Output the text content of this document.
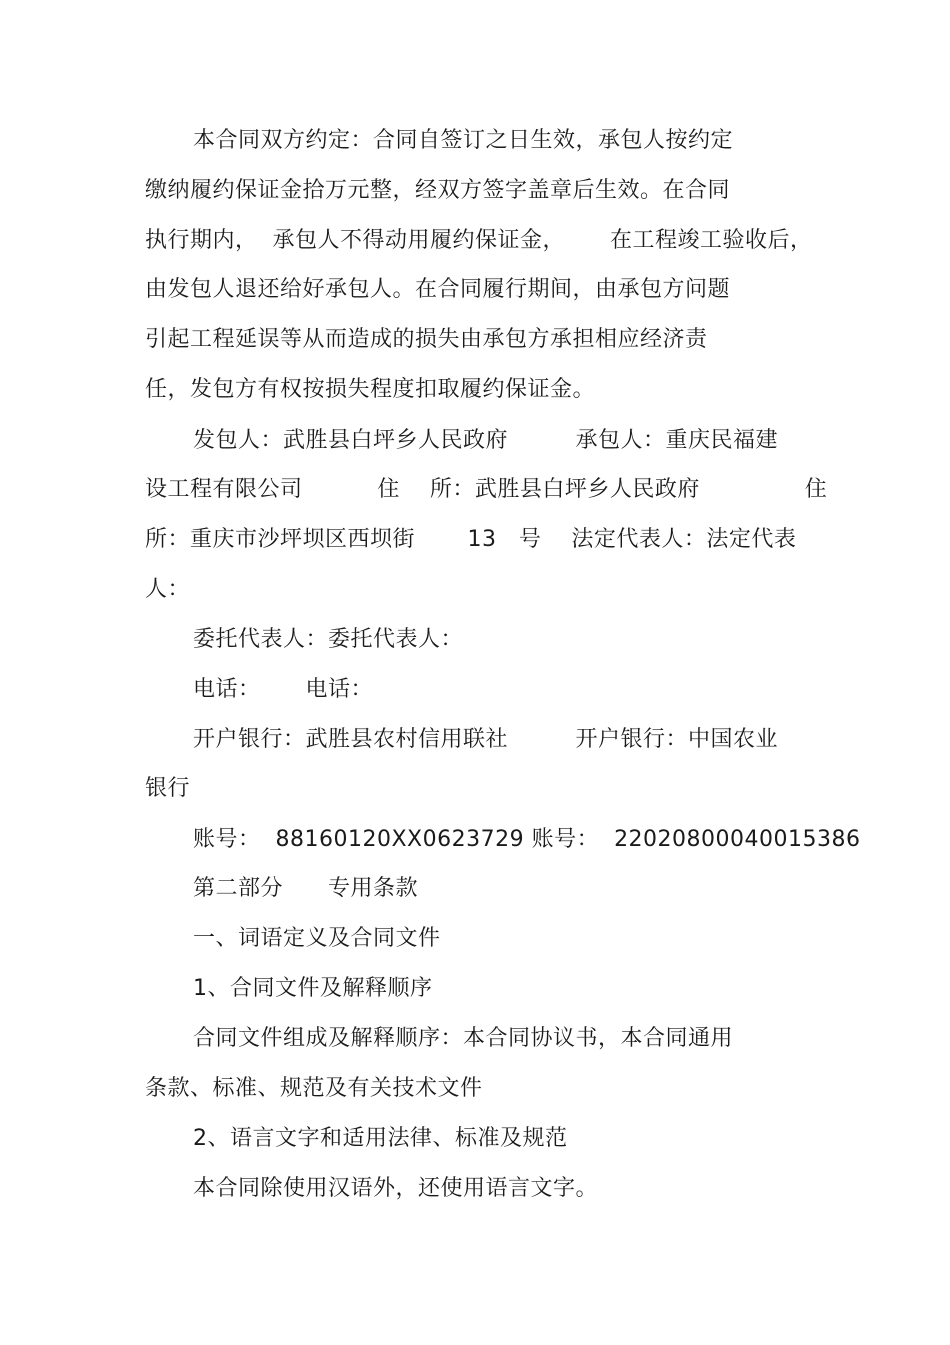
本合同双方约定：合同自签订之日生效，承包人按约定
缴纳履约保证金拾万元整，经双方签字盖章后生效。在合同
执行期内，  承包人不得动用履约保证金，      在工程竣工验收后，
由发包人退还给好承包人。在合同履行期间，由承包方问题
引起工程延误等从而造成的损失由承包方承担相应经济责
任，发包方有权按损失程度扣取履约保证金。
发包人：武胜县白坪乡人民政府         承包人：重庆民福建
设工程有限公司          住    所：武胜县白坪乡人民政府              住
所：重庆市沙坪坝区西坝街       13   号    法定代表人：法定代表
人：
委托代表人：委托代表人：
电话：      电话：
开户银行：武胜县农村信用联社         开户银行：中国农业
银行
账号：  88160120XX0623729 账号：  22020800040015386
第二部分      专用条款
一、词语定义及合同文件
1、合同文件及解释顺序
合同文件组成及解释顺序：本合同协议书，本合同通用
条款、标准、规范及有关技术文件
2、语言文字和适用法律、标准及规范
本合同除使用汉语外，还使用语言文字。
